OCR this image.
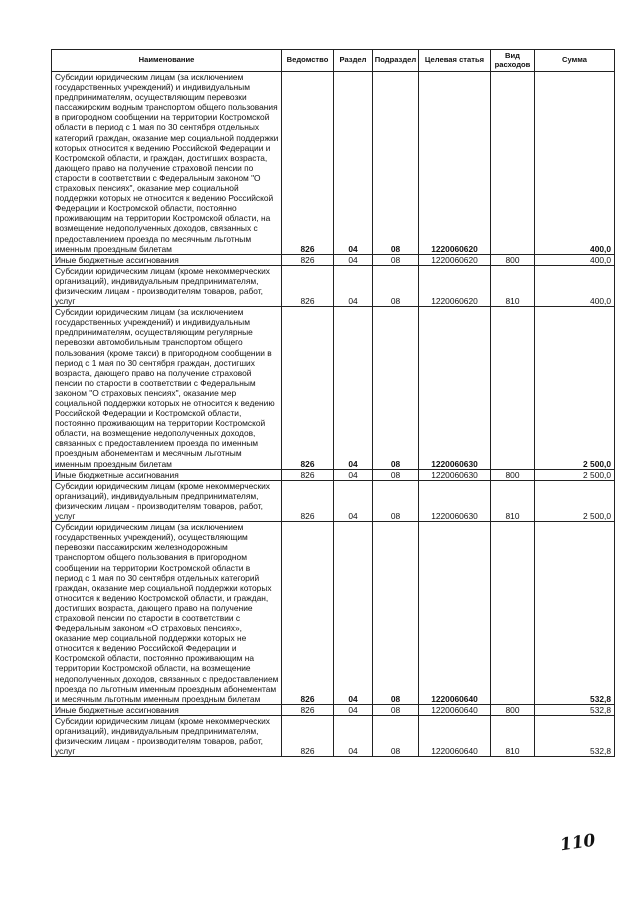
Наименование	Ведомство	Раздел	Подраздел	Целевая статья	Вид расходов	Сумма
Субсидии юридическим лицам (за исключением государственных учреждений) и индивидуальным предпринимателям, осуществляющим перевозки пассажирским водным транспортом общего пользования в пригородном сообщении на территории Костромской области в период с 1 мая по 30 сентября отдельных категорий граждан, оказание мер социальной поддержки которых относится к ведению Российской Федерации и Костромской области, и граждан, достигших возраста, дающего право на получение страховой пенсии по старости в соответствии с Федеральным законом "О страховых пенсиях", оказание мер социальной поддержки которых не относится к ведению Российской Федерации и Костромской области, постоянно проживающим на территории Костромской области, на возмещение недополученных доходов, связанных с предоставлением проезда по месячным льготным именным проездным билетам	826	04	08	1220060620		400,0
Иные бюджетные ассигнования	826	04	08	1220060620	800	400,0
Субсидии юридическим лицам (кроме некоммерческих организаций), индивидуальным предпринимателям, физическим лицам - производителям товаров, работ, услуг	826	04	08	1220060620	810	400,0
Субсидии юридическим лицам (за исключением государственных учреждений) и индивидуальным предпринимателям, осуществляющим регулярные перевозки автомобильным транспортом общего пользования (кроме такси) в пригородном сообщении в период с 1 мая по 30 сентября граждан, достигших возраста, дающего право на получение страховой пенсии по старости в соответствии с Федеральным законом "О страховых пенсиях", оказание мер социальной поддержки которых не относится к ведению Российской Федерации и Костромской области, постоянно проживающим на территории Костромской области, на возмещение недополученных доходов, связанных с предоставлением проезда по именным проездным абонементам и месячным льготным именным проездным билетам	826	04	08	1220060630		2 500,0
Иные бюджетные ассигнования	826	04	08	1220060630	800	2 500,0
Субсидии юридическим лицам (кроме некоммерческих организаций), индивидуальным предпринимателям, физическим лицам - производителям товаров, работ, услуг	826	04	08	1220060630	810	2 500,0
Субсидии юридическим лицам (за исключением государственных учреждений), осуществляющим перевозки пассажирским железнодорожным транспортом общего пользования в пригородном сообщении на территории Костромской области в период с 1 мая по 30 сентября отдельных категорий граждан, оказание мер социальной поддержки которых относится к ведению Костромской области, и граждан, достигших возраста, дающего право на получение страховой пенсии по старости в соответствии с Федеральным законом «О страховых пенсиях», оказание мер социальной поддержки которых не относится к ведению Российской Федерации и Костромской области, постоянно проживающим на территории Костромской области, на возмещение недополученных доходов, связанных с предоставлением проезда по льготным именным проездным абонементам и месячным льготным именным проездным билетам	826	04	08	1220060640		532,8
Иные бюджетные ассигнования	826	04	08	1220060640	800	532,8
Субсидии юридическим лицам (кроме некоммерческих организаций), индивидуальным предпринимателям, физическим лицам - производителям товаров, работ, услуг	826	04	08	1220060640	810	532,8
110
